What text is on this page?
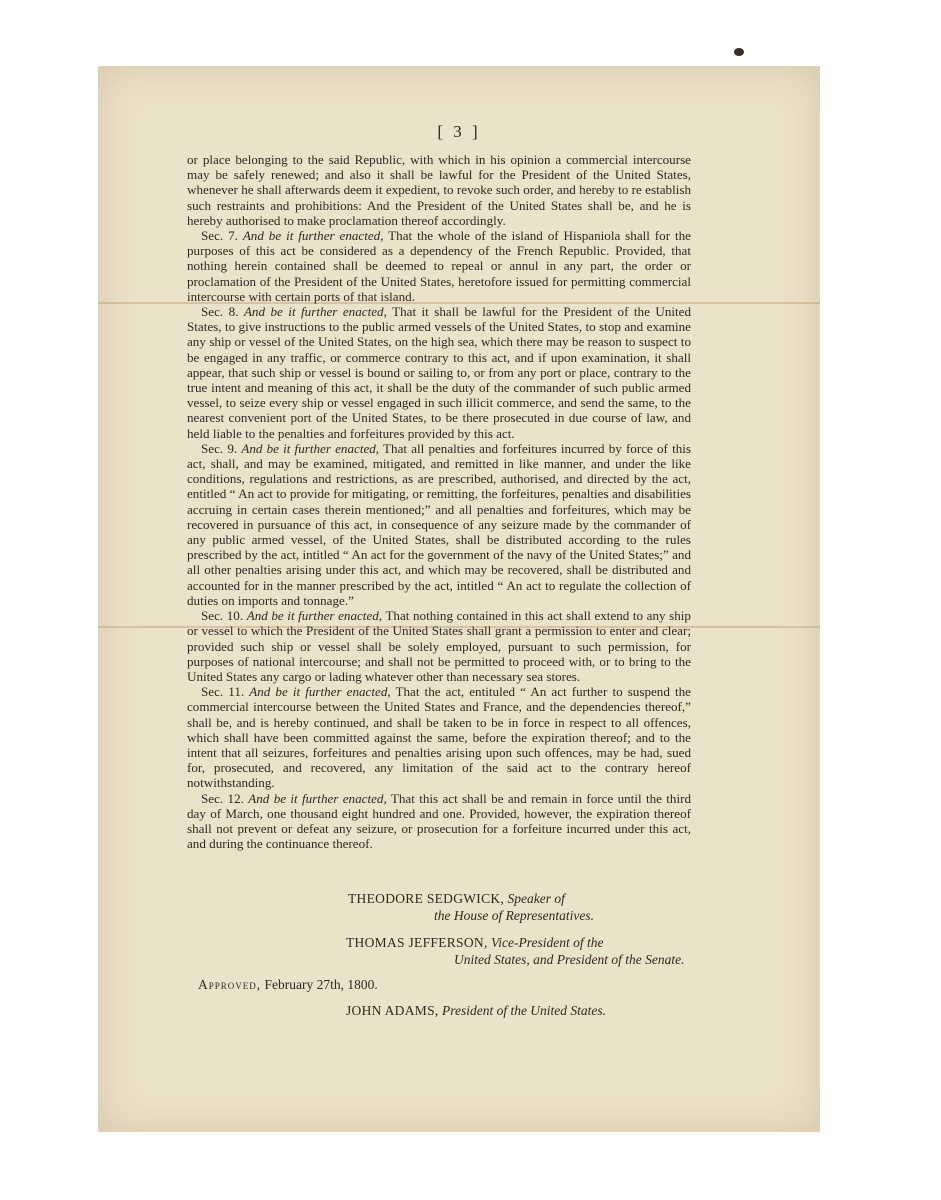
[ 3 ]

or place belonging to the said Republic, with which in his opinion a commercial intercourse may be safely renewed; and also it shall be lawful for the President of the United States, whenever he shall afterwards deem it expedient, to revoke such order, and hereby to re establish such restraints and prohibitions: And the President of the United States shall be, and he is hereby authorised to make proclamation thereof accordingly.

Sec. 7. And be it further enacted, That the whole of the island of Hispaniola shall for the purposes of this act be considered as a dependency of the French Republic. Provided, that nothing herein contained shall be deemed to repeal or annul in any part, the order or proclamation of the President of the United States, heretofore issued for permitting commercial intercourse with certain ports of that island.

Sec. 8. And be it further enacted, That it shall be lawful for the President of the United States, to give instructions to the public armed vessels of the United States, to stop and examine any ship or vessel of the United States, on the high sea, which there may be reason to suspect to be engaged in any traffic, or commerce contrary to this act, and if upon examination, it shall appear, that such ship or vessel is bound or sailing to, or from any port or place, contrary to the true intent and meaning of this act, it shall be the duty of the commander of such public armed vessel, to seize every ship or vessel engaged in such illicit commerce, and send the same, to the nearest convenient port of the United States, to be there prosecuted in due course of law, and held liable to the penalties and forfeitures provided by this act.

Sec. 9. And be it further enacted, That all penalties and forfeitures incurred by force of this act, shall, and may be examined, mitigated, and remitted in like manner, and under the like conditions, regulations and restrictions, as are prescribed, authorised, and directed by the act, entitled “ An act to provide for mitigating, or remitting, the forfeitures, penalties and disabilities accruing in certain cases therein mentioned;” and all penalties and forfeitures, which may be recovered in pursuance of this act, in consequence of any seizure made by the commander of any public armed vessel, of the United States, shall be distributed according to the rules prescribed by the act, intitled “ An act for the government of the navy of the United States;” and all other penalties arising under this act, and which may be recovered, shall be distributed and accounted for in the manner prescribed by the act, intitled “ An act to regulate the collection of duties on imports and tonnage.”

Sec. 10. And be it further enacted, That nothing contained in this act shall extend to any ship or vessel to which the President of the United States shall grant a permission to enter and clear; provided such ship or vessel shall be solely employed, pursuant to such permission, for purposes of national intercourse; and shall not be permitted to proceed with, or to bring to the United States any cargo or lading whatever other than necessary sea stores.

Sec. 11. And be it further enacted, That the act, entituled “ An act further to suspend the commercial intercourse between the United States and France, and the dependencies thereof,” shall be, and is hereby continued, and shall be taken to be in force in respect to all offences, which shall have been committed against the same, before the expiration thereof; and to the intent that all seizures, forfeitures and penalties arising upon such offences, may be had, sued for, prosecuted, and recovered, any limitation of the said act to the contrary hereof notwithstanding.

Sec. 12. And be it further enacted, That this act shall be and remain in force until the third day of March, one thousand eight hundred and one. Provided, however, the expiration thereof shall not prevent or defeat any seizure, or prosecution for a forfeiture incurred under this act, and during the continuance thereof.

THEODORE SEDGWICK, Speaker of
the House of Representatives.
THOMAS JEFFERSON, Vice-President of the
United States, and President of the Senate.
Approved, February 27th, 1800.
JOHN ADAMS, President of the United States.
